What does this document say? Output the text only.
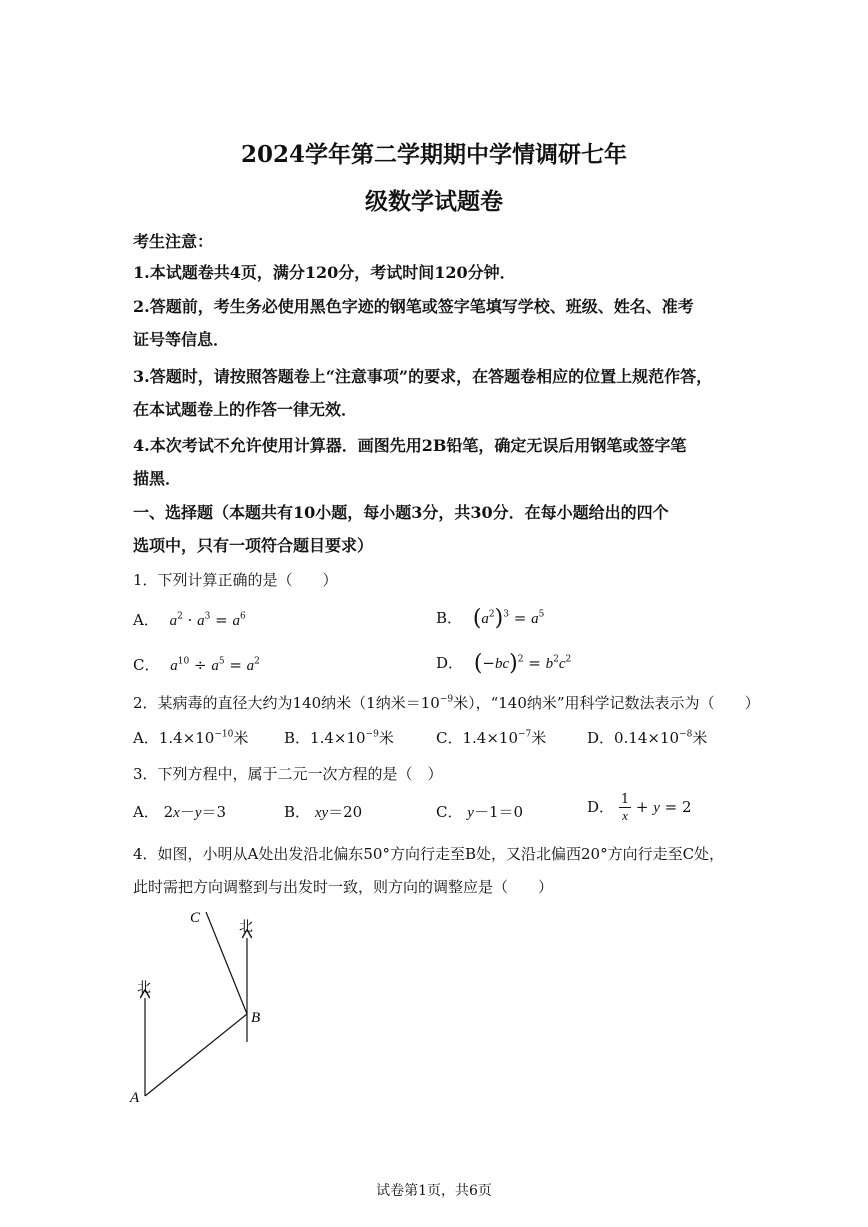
2024学年第二学期期中学情调研七年
级数学试题卷
考生注意：
1.本试题卷共4页，满分120分，考试时间120分钟．
2.答题前，考生务必使用黑色字迹的钢笔或签字笔填写学校、班级、姓名、准考
证号等信息．
3.答题时，请按照答题卷上“注意事项”的要求，在答题卷相应的位置上规范作答，
在本试题卷上的作答一律无效．
4.本次考试不允许使用计算器．画图先用2B铅笔，确定无误后用钢笔或签字笔
描黑．
一、选择题（本题共有10小题，每小题3分，共30分．在每小题给出的四个
选项中，只有一项符合题目要求）
1．下列计算正确的是（　　）
A． $a^2 \cdot a^3 = a^6$	B． $(a^2)^3 = a^5$
C． $a^{10} \div a^5 = a^2$	D． $(-bc)^2 = b^2c^2$
2．某病毒的直径大约为140纳米（1纳米$=10^{-9}$米），“140纳米”用科学记数法表示为（　　）
A．$1.4\times 10^{-10}$米 B．$1.4\times 10^{-9}$米	C．$1.4\times 10^{-7}$米	D．$0.14\times 10^{-8}$米
3．下列方程中，属于二元一次方程的是（　）
A． 2x－y＝3	B． xy＝20	C． y－1＝0	D． $\frac{1}{x} + y = 2$
4．如图，小明从A处出发沿北偏东50°方向行走至B处，又沿北偏西20°方向行走至C处，
此时需把方向调整到与出发时一致，则方向的调整应是（　　）
A
B
C
北
北
试卷第1页，共6页
